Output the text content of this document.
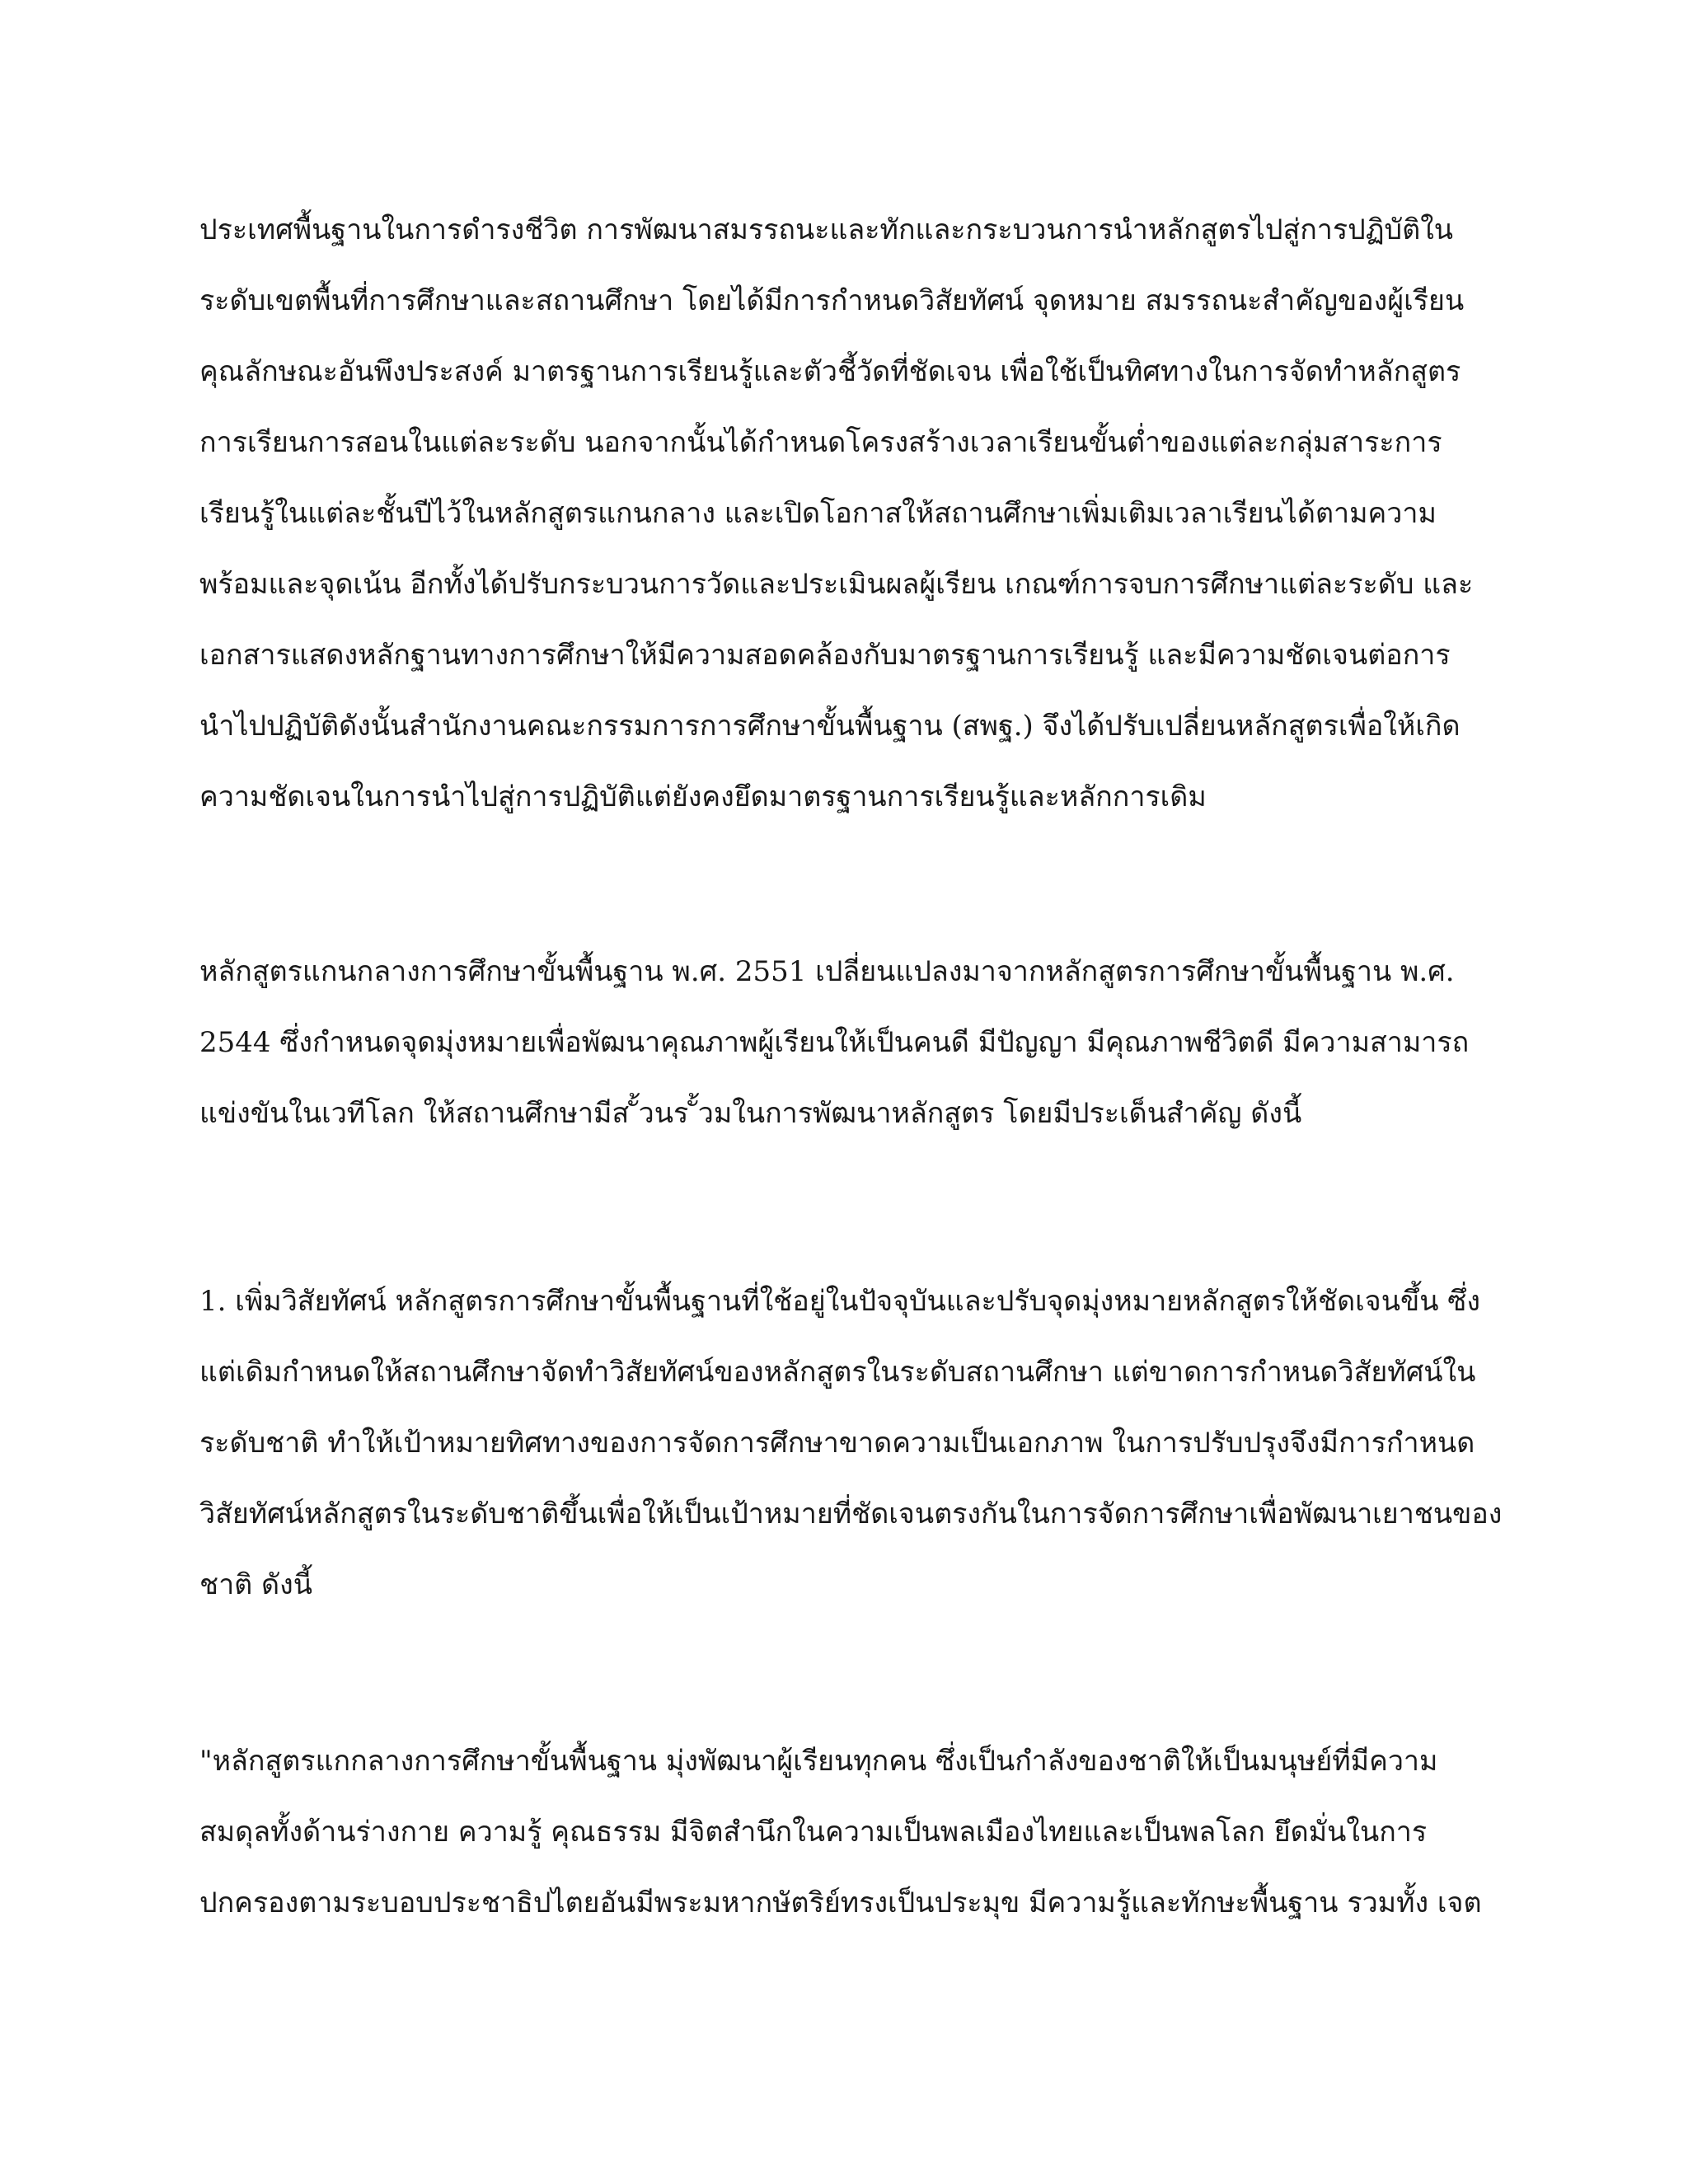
ประเทศพื้นฐานในการดำรงชีวิต การพัฒนาสมรรถนะและทักและกระบวนการนำหลักสูตรไปสู่การปฏิบัติใน
ระดับเขตพื้นที่การศึกษาและสถานศึกษา โดยได้มีการกำหนดวิสัยทัศน์ จุดหมาย สมรรถนะสำคัญของผู้เรียน
คุณลักษณะอันพึงประสงค์ มาตรฐานการเรียนรู้และตัวชี้วัดที่ชัดเจน เพื่อใช้เป็นทิศทางในการจัดทำหลักสูตร
การเรียนการสอนในแต่ละระดับ นอกจากนั้นได้กำหนดโครงสร้างเวลาเรียนขั้นต่ำของแต่ละกลุ่มสาระการ
เรียนรู้ในแต่ละชั้นปีไว้ในหลักสูตรแกนกลาง และเปิดโอกาสให้สถานศึกษาเพิ่มเติมเวลาเรียนได้ตามความ
พร้อมและจุดเน้น อีกทั้งได้ปรับกระบวนการวัดและประเมินผลผู้เรียน เกณฑ์การจบการศึกษาแต่ละระดับ และ
เอกสารแสดงหลักฐานทางการศึกษาให้มีความสอดคล้องกับมาตรฐานการเรียนรู้ และมีความชัดเจนต่อการ
นำไปปฏิบัติดังนั้นสำนักงานคณะกรรมการการศึกษาขั้นพื้นฐาน (สพฐ.) จึงได้ปรับเปลี่ยนหลักสูตรเพื่อให้เกิด
ความชัดเจนในการนำไปสู่การปฏิบัติแต่ยังคงยึดมาตรฐานการเรียนรู้และหลักการเดิม
หลักสูตรแกนกลางการศึกษาขั้นพื้นฐาน พ.ศ. 2551 เปลี่ยนแปลงมาจากหลักสูตรการศึกษาขั้นพื้นฐาน พ.ศ.
2544 ซึ่งกำหนดจุดมุ่งหมายเพื่อพัฒนาคุณภาพผู้เรียนให้เป็นคนดี มีปัญญา มีคุณภาพชีวิตดี มีความสามารถ
แข่งขันในเวทีโลก ให้สถานศึกษามีส ั้วนร ั้วมในการพัฒนาหลักสูตร โดยมีประเด็นสำคัญ ดังนี้
1. เพิ่มวิสัยทัศน์ หลักสูตรการศึกษาขั้นพื้นฐานที่ใช้อยู่ในปัจจุบันและปรับจุดมุ่งหมายหลักสูตรให้ชัดเจนขึ้น ซึ่ง
แต่เดิมกำหนดให้สถานศึกษาจัดทำวิสัยทัศน์ของหลักสูตรในระดับสถานศึกษา แต่ขาดการกำหนดวิสัยทัศน์ใน
ระดับชาติ ทำให้เป้าหมายทิศทางของการจัดการศึกษาขาดความเป็นเอกภาพ ในการปรับปรุงจึงมีการกำหนด
วิสัยทัศน์หลักสูตรในระดับชาติขึ้นเพื่อให้เป็นเป้าหมายที่ชัดเจนตรงกันในการจัดการศึกษาเพื่อพัฒนาเยาชนของ
ชาติ ดังนี้
"หลักสูตรแกกลางการศึกษาขั้นพื้นฐาน มุ่งพัฒนาผู้เรียนทุกคน ซึ่งเป็นกำลังของชาติให้เป็นมนุษย์ที่มีความ
สมดุลทั้งด้านร่างกาย ความรู้ คุณธรรม มีจิตสำนึกในความเป็นพลเมืองไทยและเป็นพลโลก ยึดมั่นในการ
ปกครองตามระบอบประชาธิปไตยอันมีพระมหากษัตริย์ทรงเป็นประมุข มีความรู้และทักษะพื้นฐาน รวมทั้ง เจต
